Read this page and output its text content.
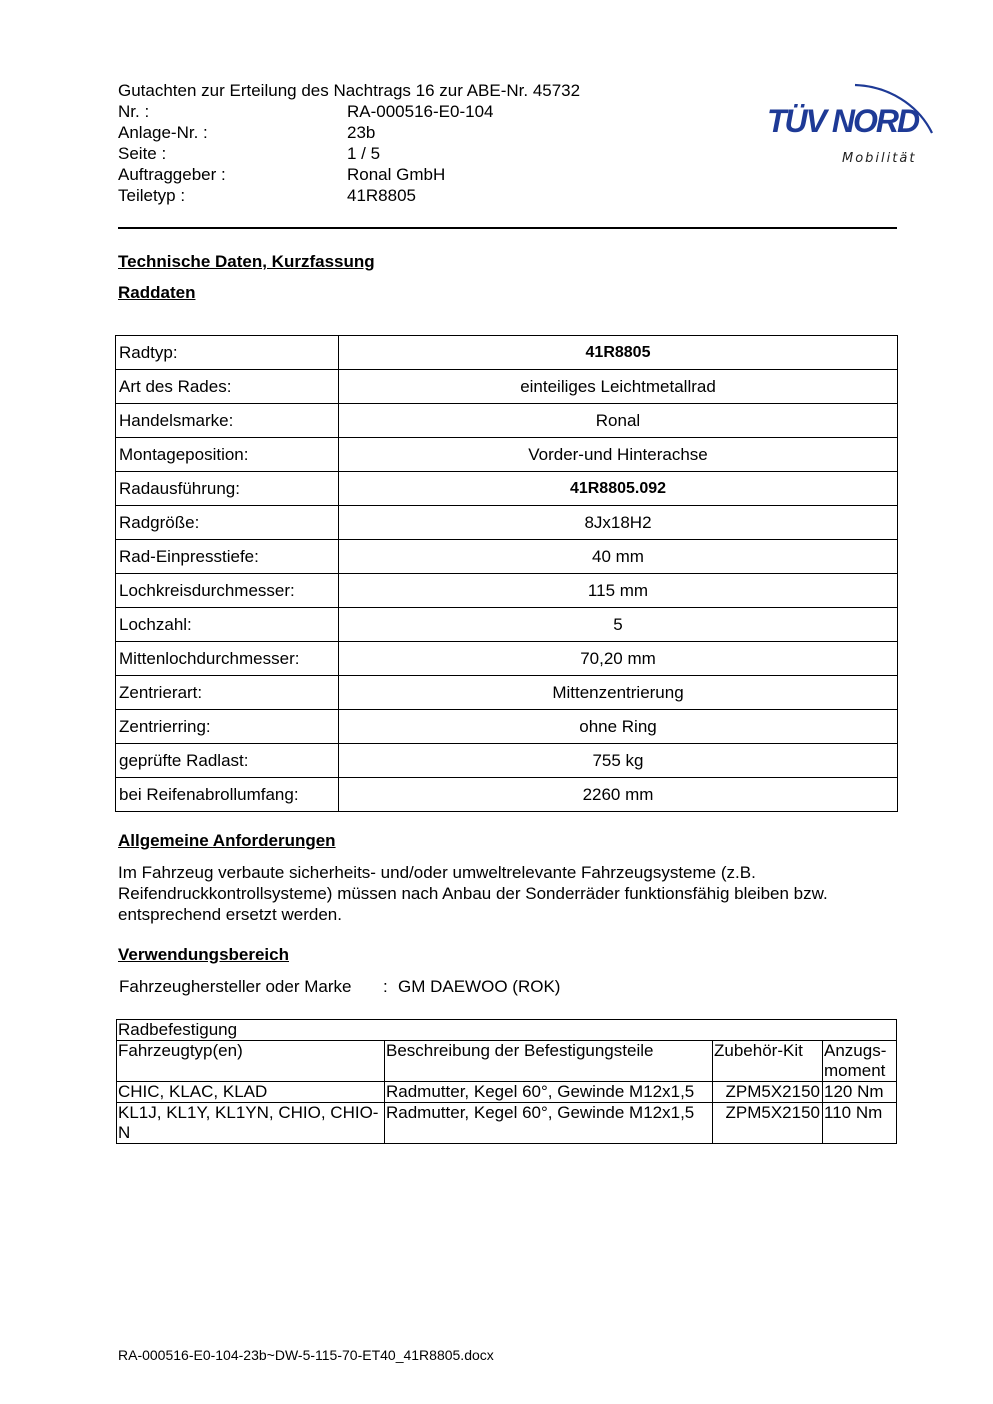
Gutachten zur Erteilung des Nachtrags 16 zur ABE-Nr. 45732
Nr. :	RA-000516-E0-104
Anlage-Nr. :	23b
Seite :	1 / 5
Auftraggeber :	Ronal GmbH
Teiletyp :	41R8805
TÜV NORD
Mobilität
Technische Daten, Kurzfassung
Raddaten
Radtyp:	41R8805
Art des Rades:	einteiliges Leichtmetallrad
Handelsmarke:	Ronal
Montageposition:	Vorder-und Hinterachse
Radausführung:	41R8805.092
Radgröße:	8Jx18H2
Rad-Einpresstiefe:	40 mm
Lochkreisdurchmesser:	115 mm
Lochzahl:	5
Mittenlochdurchmesser:	70,20 mm
Zentrierart:	Mittenzentrierung
Zentrierring:	ohne Ring
geprüfte Radlast:	755 kg
bei Reifenabrollumfang:	2260 mm
Allgemeine Anforderungen
Im Fahrzeug verbaute sicherheits- und/oder umweltrelevante Fahrzeugsysteme (z.B. Reifendruckkontrollsysteme) müssen nach Anbau der Sonderräder funktionsfähig bleiben bzw. entsprechend ersetzt werden.
Verwendungsbereich
Fahrzeughersteller oder Marke : GM DAEWOO (ROK)
Radbefestigung			
Fahrzeugtyp(en)	Beschreibung der Befestigungsteile	Zubehör-Kit	Anzugs- moment
CHIC, KLAC, KLAD	Radmutter, Kegel 60°, Gewinde M12x1,5	ZPM5X2150	120 Nm
KL1J, KL1Y, KL1YN, CHIO, CHIO-N	Radmutter, Kegel 60°, Gewinde M12x1,5	ZPM5X2150	110 Nm
RA-000516-E0-104-23b~DW-5-115-70-ET40_41R8805.docx
